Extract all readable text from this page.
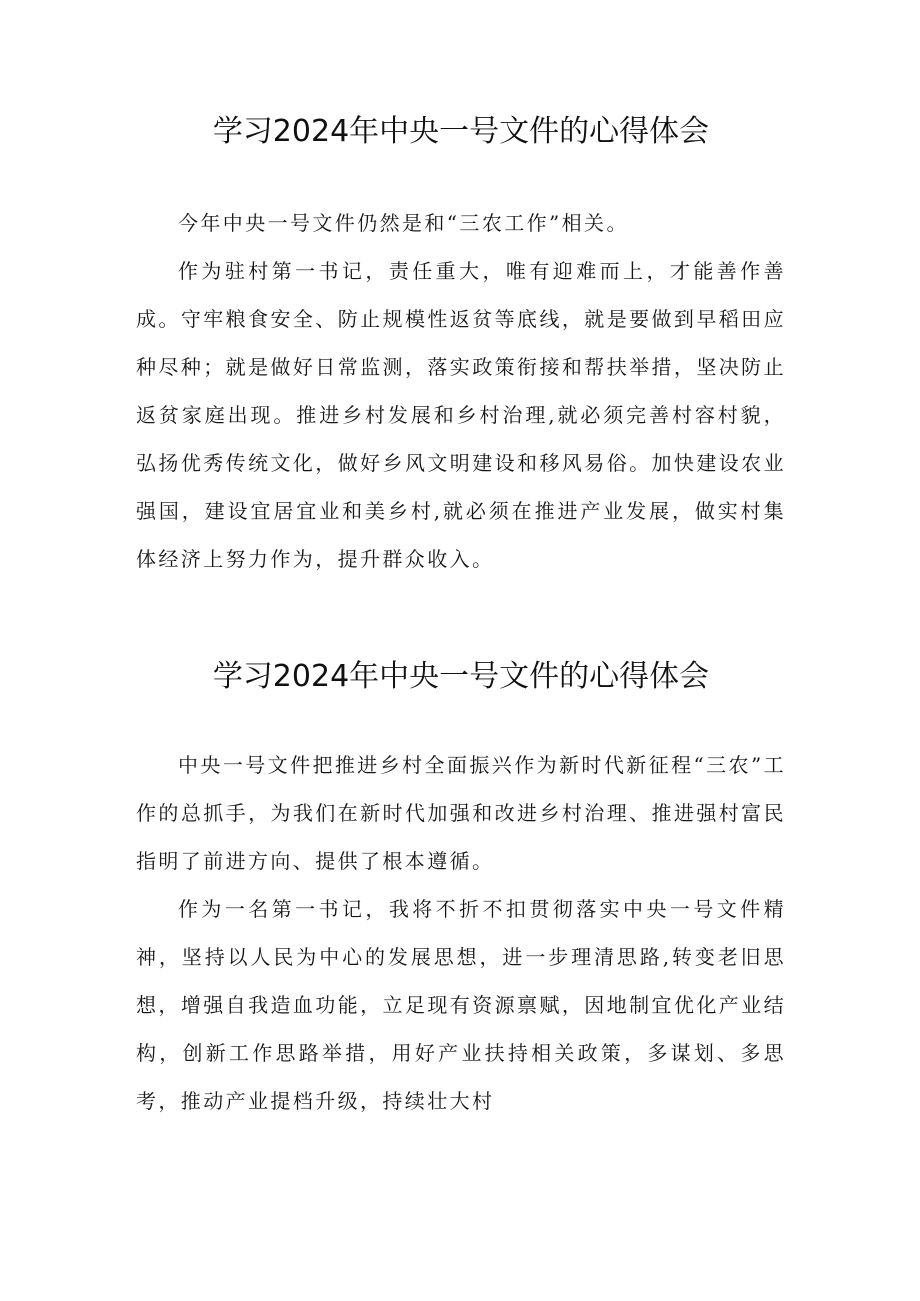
学习2024年中央一号文件的心得体会

今年中央一号文件仍然是和“三农工作”相关。

作为驻村第一书记，责任重大，唯有迎难而上，才能善作善成。守牢粮食安全、防止规模性返贫等底线，就是要做到早稻田应种尽种；就是做好日常监测，落实政策衔接和帮扶举措，坚决防止返贫家庭出现。推进乡村发展和乡村治理,就必须完善村容村貌，弘扬优秀传统文化，做好乡风文明建设和移风易俗。加快建设农业强国，建设宜居宜业和美乡村,就必须在推进产业发展，做实村集体经济上努力作为，提升群众收入。

学习2024年中央一号文件的心得体会

中央一号文件把推进乡村全面振兴作为新时代新征程“三农”工作的总抓手，为我们在新时代加强和改进乡村治理、推进强村富民指明了前进方向、提供了根本遵循。

作为一名第一书记，我将不折不扣贯彻落实中央一号文件精神，坚持以人民为中心的发展思想，进一步理清思路,转变老旧思想，增强自我造血功能，立足现有资源禀赋，因地制宜优化产业结构，创新工作思路举措，用好产业扶持相关政策，多谋划、多思考，推动产业提档升级，持续壮大村
